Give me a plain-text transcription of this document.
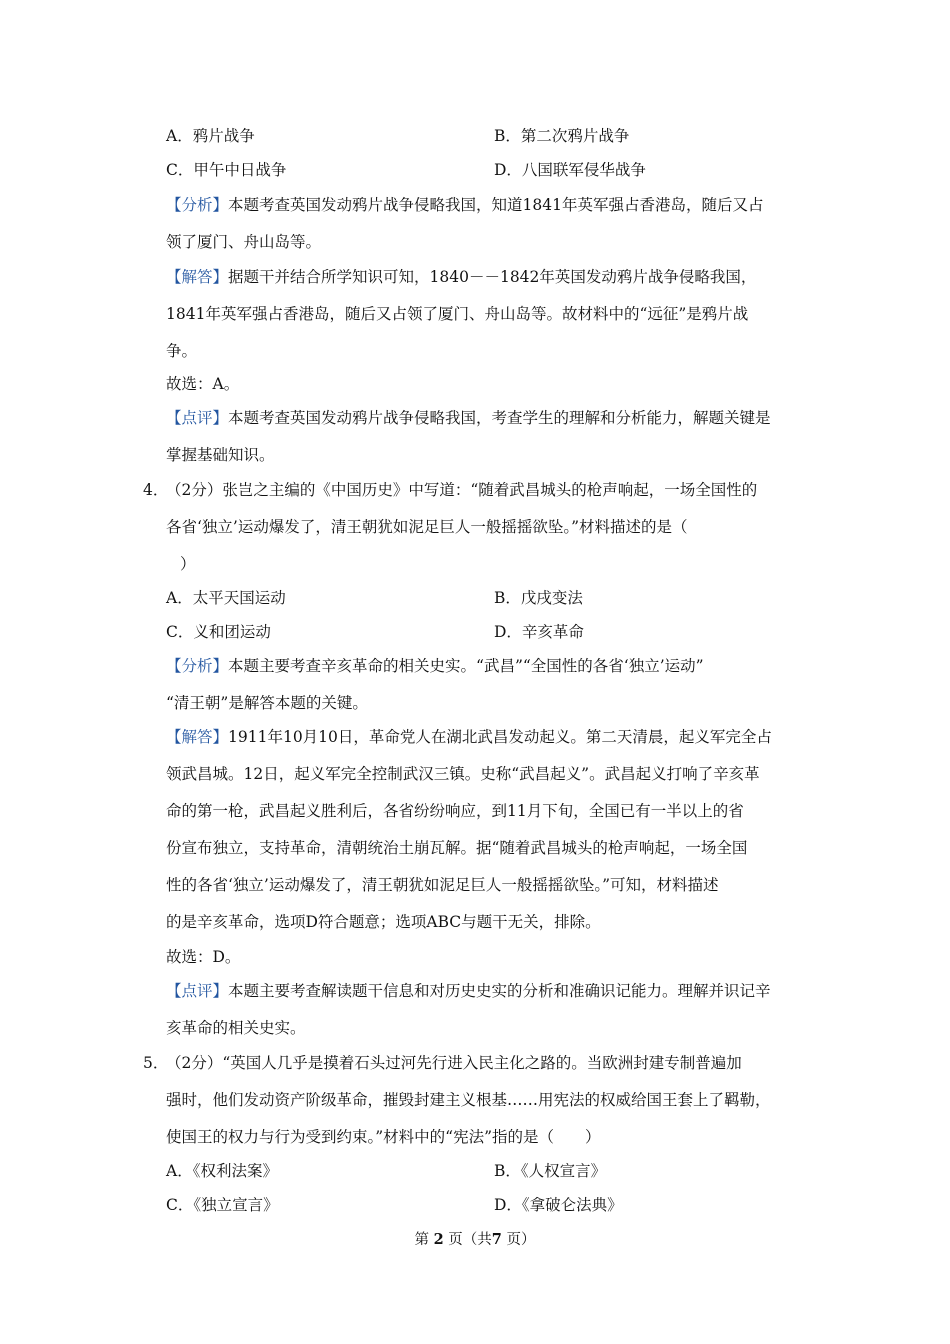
A．鸦片战争	B．第二次鸦片战争
C．甲午中日战争	D．八国联军侵华战争
【分析】本题考查英国发动鸦片战争侵略我国，知道1841年英军强占香港岛，随后又占
领了厦门、舟山岛等。
【解答】据题干并结合所学知识可知，1840－－1842年英国发动鸦片战争侵略我国，
1841年英军强占香港岛，随后又占领了厦门、舟山岛等。故材料中的“远征”是鸦片战
争。
故选：A。
【点评】本题考查英国发动鸦片战争侵略我国，考查学生的理解和分析能力，解题关键是
掌握基础知识。
4．
（2分）张岂之主编的《中国历史》中写道：“随着武昌城头的枪声响起，一场全国性的
各省‘独立’运动爆发了，清王朝犹如泥足巨人一般摇摇欲坠。”材料描述的是（
）
A．太平天国运动	B．戊戌变法
C．义和团运动	D．辛亥革命
【分析】本题主要考查辛亥革命的相关史实。“武昌”“全国性的各省‘独立’运动”
“清王朝”是解答本题的关键。
【解答】1911年10月10日，革命党人在湖北武昌发动起义。第二天清晨，起义军完全占
领武昌城。12日，起义军完全控制武汉三镇。史称“武昌起义”。武昌起义打响了辛亥革
命的第一枪，武昌起义胜利后，各省纷纷响应，到11月下旬，全国已有一半以上的省
份宣布独立，支持革命，清朝统治土崩瓦解。据“随着武昌城头的枪声响起，一场全国
性的各省‘独立’运动爆发了，清王朝犹如泥足巨人一般摇摇欲坠。”可知，材料描述
的是辛亥革命，选项D符合题意；选项ABC与题干无关，排除。
故选：D。
【点评】本题主要考查解读题干信息和对历史史实的分析和准确识记能力。理解并识记辛
亥革命的相关史实。
5．
（2分）“英国人几乎是摸着石头过河先行进入民主化之路的。当欧洲封建专制普遍加
强时，他们发动资产阶级革命，摧毁封建主义根基……用宪法的权威给国王套上了羁勒，
使国王的权力与行为受到约束。”材料中的“宪法”指的是（　　）
A．《权利法案》	B．《人权宣言》
C．《独立宣言》	D．《拿破仑法典》
第 2 页（共7 页）
